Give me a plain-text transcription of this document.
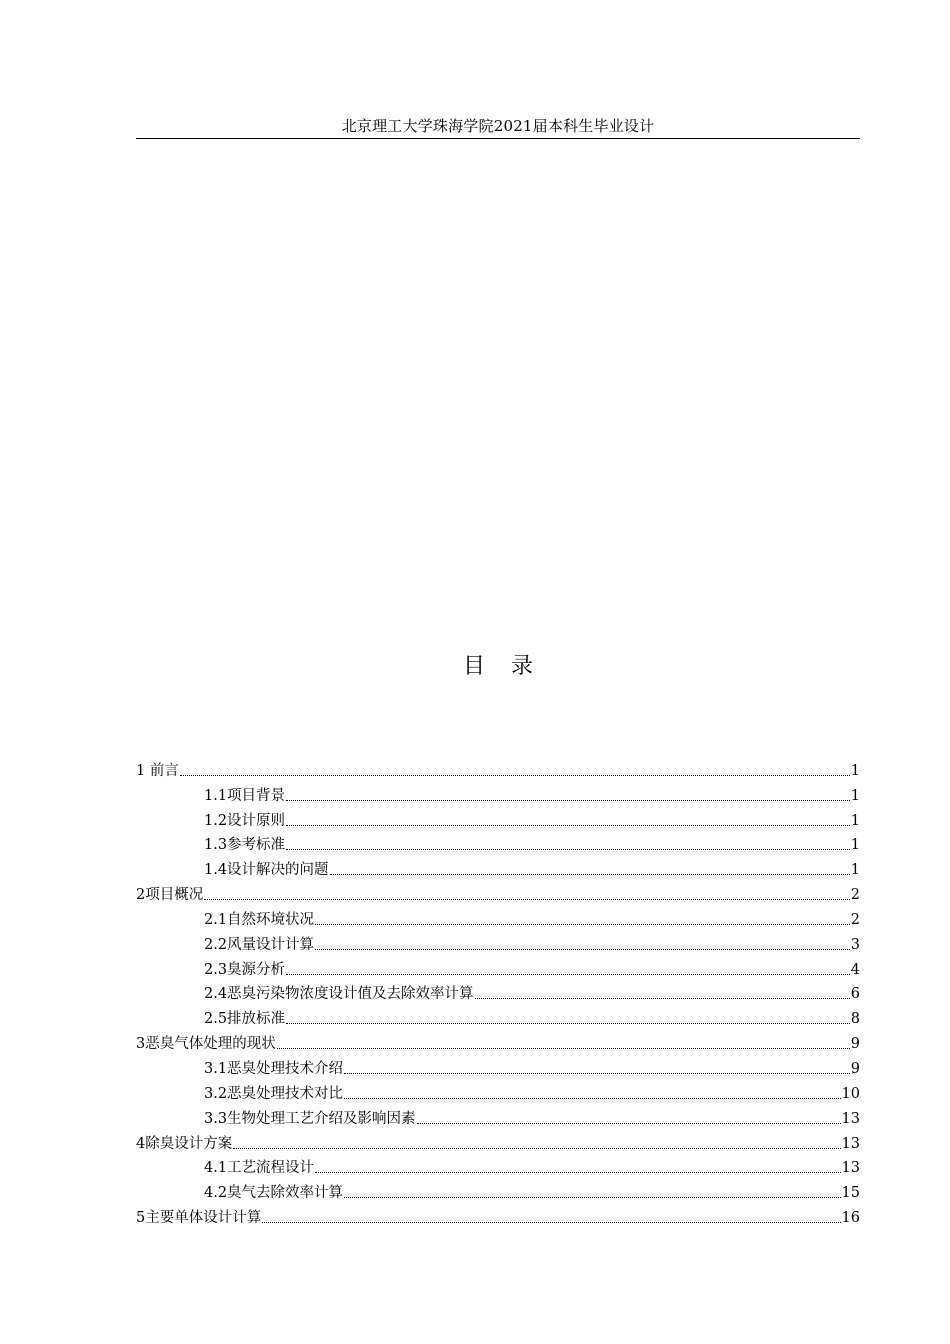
北京理工大学珠海学院2021届本科生毕业设计
目录
1 前言	1
1.1项目背景	1
1.2设计原则	1
1.3参考标准	1
1.4设计解决的问题	1
2项目概况	2
2.1自然环境状况	2
2.2风量设计计算	3
2.3臭源分析	4
2.4恶臭污染物浓度设计值及去除效率计算	6
2.5排放标准	8
3恶臭气体处理的现状	9
3.1恶臭处理技术介绍	9
3.2恶臭处理技术对比	10
3.3生物处理工艺介绍及影响因素	13
4除臭设计方案	13
4.1工艺流程设计	13
4.2臭气去除效率计算	15
5主要单体设计计算	16
